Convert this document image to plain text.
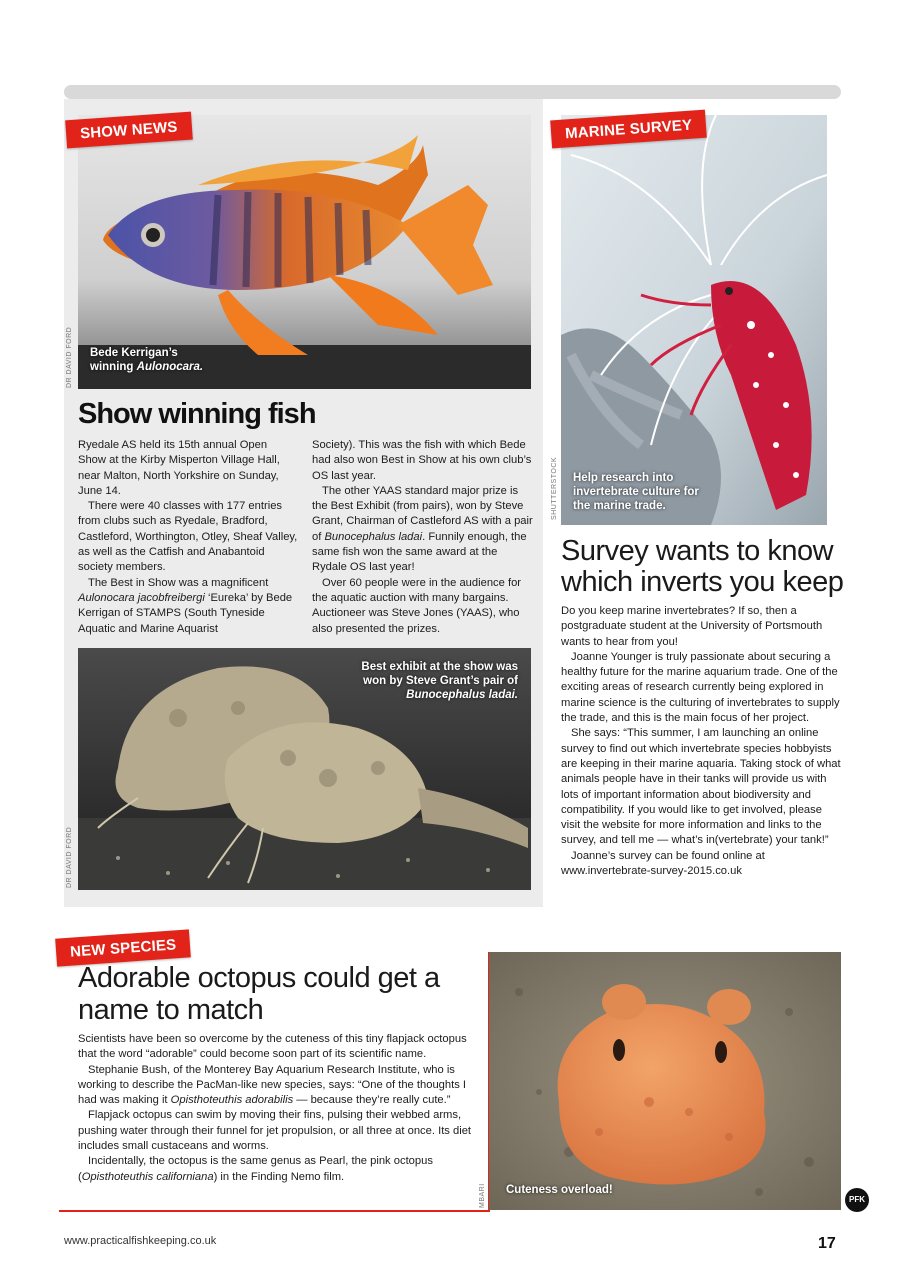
DR DAVID FORD Bede Kerrigan’s
winning Aulonocara.
SHOW NEWS
Show winning fish

Ryedale AS held its 15th annual Open Show at the Kirby Misperton Village Hall, near Malton, North Yorkshire on Sunday, June 14.

There were 40 classes with 177 entries from clubs such as Ryedale, Bradford, Castleford, Worthington, Otley, Sheaf Valley, as well as the Catfish and Anabantoid society members.

The Best in Show was a magnificent Aulonocara jacobfreibergi ‘Eureka’ by Bede Kerrigan of STAMPS (South Tyneside Aquatic and Marine Aquarist

Society). This was the fish with which Bede had also won Best in Show at his own club’s OS last year.

The other YAAS standard major prize is the Best Exhibit (from pairs), won by Steve Grant, Chairman of Castleford AS with a pair of Bunocephalus ladai. Funnily enough, the same fish won the same award at the Rydale OS last year!

Over 60 people were in the audience for the aquatic auction with many bargains. Auctioneer was Steve Jones (YAAS), who also presented the prizes.

DR DAVID FORD
Best exhibit at the show was
won by Steve Grant’s pair of
Bunocephalus ladai.
SHUTTERSTOCK Help research into
invertebrate culture for
the marine trade.
MARINE SURVEY
Survey wants to know which inverts you keep

Do you keep marine invertebrates? If so, then a postgraduate student at the University of Portsmouth wants to hear from you!

Joanne Younger is truly passionate about securing a healthy future for the marine aquarium trade. One of the exciting areas of research currently being explored in marine science is the culturing of invertebrates to supply the trade, and this is the main focus of her project.

She says: “This summer, I am launching an online survey to find out which invertebrate species hobbyists are keeping in their marine aquaria. Taking stock of what animals people have in their tanks will provide us with lots of important information about biodiversity and compatibility. If you would like to get involved, please visit the website for more information and links to the survey, and tell me — what’s in(vertebrate) your tank!”

Joanne’s survey can be found online at www.invertebrate-survey-2015.co.uk

NEW SPECIES
Adorable octopus could get a name to match

Scientists have been so overcome by the cuteness of this tiny flapjack octopus that the word “adorable” could become soon part of its scientific name.

Stephanie Bush, of the Monterey Bay Aquarium Research Institute, who is working to describe the PacMan-like new species, says: “One of the thoughts I had was making it Opisthoteuthis adorabilis — because they’re really cute.”

Flapjack octopus can swim by moving their fins, pulsing their webbed arms, pushing water through their funnel for jet propulsion, or all three at once. Its diet includes small custaceans and worms.

Incidentally, the octopus is the same genus as Pearl, the pink octopus (Opisthoteuthis californiana) in the Finding Nemo film.

MBARI Cuteness overload!
PFK
www.practicalfishkeeping.co.uk	17
